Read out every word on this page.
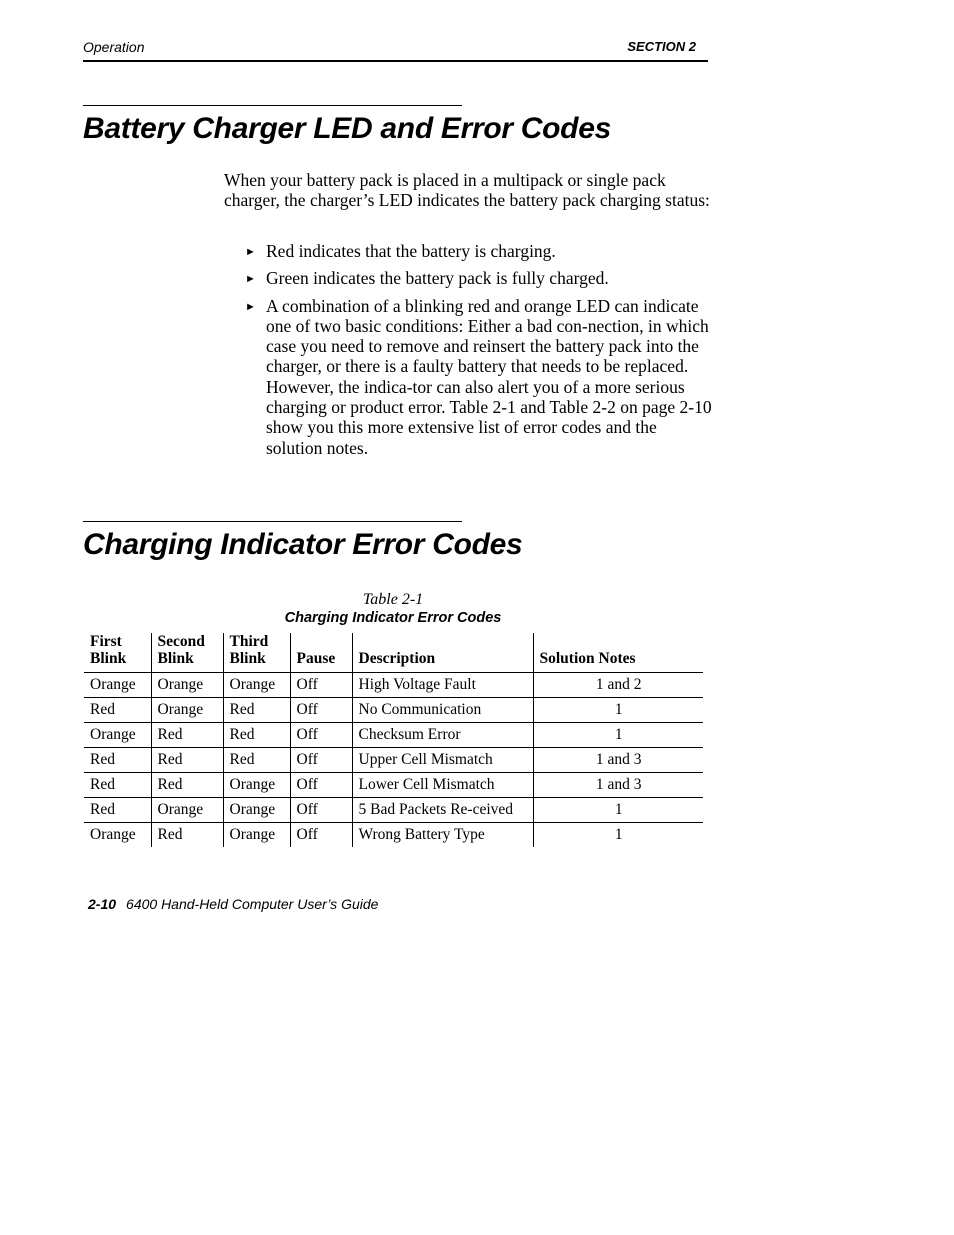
Operation	SECTION 2
Battery Charger LED and Error Codes

When your battery pack is placed in a multipack or single pack charger, the charger’s LED indicates the battery pack charging status:

► Red indicates that the battery is charging.
► Green indicates the battery pack is fully charged.
► A combination of a blinking red and orange LED can indicate one of two basic conditions: Either a bad con-nection, in which case you need to remove and reinsert the battery pack into the charger, or there is a faulty battery that needs to be replaced. However, the indica-tor can also alert you of a more serious charging or product error. Table 2-1 and Table 2-2 on page 2-10 show you this more extensive list of error codes and the solution notes.
Charging Indicator Error Codes
Table 2-1
Charging Indicator Error Codes
First Blink	Second Blink	Third Blink	Pause	Description	Solution Notes
Orange	Orange	Orange	Off	High Voltage Fault	1 and 2
Red	Orange	Red	Off	No Communication	1
Orange	Red	Red	Off	Checksum Error	1
Red	Red	Red	Off	Upper Cell Mismatch	1 and 3
Red	Red	Orange	Off	Lower Cell Mismatch	1 and 3
Red	Orange	Orange	Off	5 Bad Packets Re-ceived	1
Orange	Red	Orange	Off	Wrong Battery Type	1
2-10 6400 Hand-Held Computer User’s Guide
